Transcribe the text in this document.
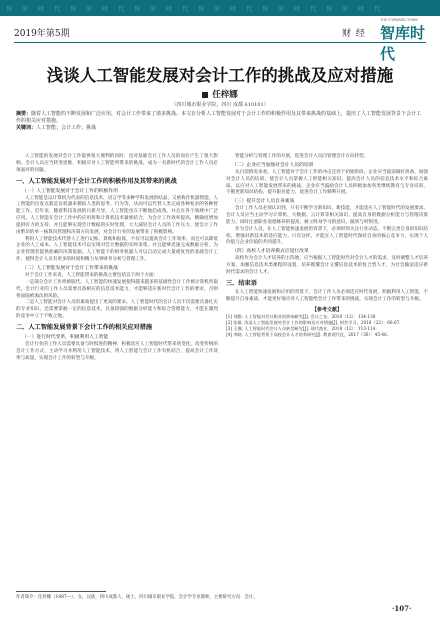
智库时代智库时代智库时代智库时代智库时代智库时代
2019年第5期	财 经
THE FORWARD THINK
智库时代
浅谈人工智能发展对会计工作的挑战及应对措施
任梓娜
（四川城市职业学院，四川 成都 610101）
摘要：随着人工智能的不断发展和广泛应用，对会计工作带来了诸多挑战。本文在分析人工智能发展对于会计工作的积极作用及其带来挑战的基础上，提出了人工智能发展背景下会计工作的相关应对措施。
关键词：人工智能；会计工作；挑战

人工智能的发展对会计工作提供很大便利的同时，也对基础会计工作人员的岗位产生了很大影响。会计人员应当转变思维，积极应对人工智能所带来的挑战，成为一名新时代的会计工作人员必须面对的问题。

一、人工智能发展对于会计工作的积极作用及其带来的挑战
（一）人工智能发展对于会计工作的积极作用

人工智能是以计算机为代表的信息技术，语言学等多种学科发展的结晶，又被称作机器智能。人工智能的出发点就是以机器来模拟人类的思考、行为等，从而可以代替人类完成各种复杂的各种智能工作。近年来，随着科技发展的日新月异，人工智能也在不断地趋成熟，并且在各个领域中广泛应用。人工智能在会计工作中的应用将和计算机技术紧密结合，为会计工作效率提高、精确度增加提供有力的支持，并且能够实现会计数据的实时处理，大大减轻会计人员的工作压力，使会计工作由繁杂的单一核算向管理和决策方向发展，对会计行业的发展带来了积极影响。

利用人工智能技术代替人工进行记账、算账和报账，不仅可以提高会计工作效率，而且可以降低企业的人工成本。人工智能技术可以实现对会计数据的实时采集，并且能够迅速完成数据分析，为企业管理者提供准确的决策依据。人工智能下的财务机器人可以自动完成大量重复性的基础会计工作，使得会计人员有更多的时间和精力从事财务分析与管理工作。

（二）人工智能发展对于会计工作带来的挑战

对于会计工作来说，人工智能带来的挑战主要包括以下两个方面：

一是部分会计工作将被取代。人工智能的快速发展使得越来越多的基础性会计工作被计算机所取代。会计行业的工作人员需要具备相应的信息技术能力，才能够适应新时代会计工作的要求，否则将面临被淘汰的风险。

二是人工智能对会计人员的素质提出了更高的要求。人工智能时代的会计人员不仅需要具备扎实的专业知识，还需要掌握一定的信息技术，具备较强的数据分析能力和综合管理能力，才能在激烈的竞争中立于不败之地。

二、人工智能发展背景下会计工作的相关应对措施
（一）进行时代变革，积极利用人工智能

会计行业的工作人员需要具备与时俱进的精神，积极适应人工智能时代带来的变化，改变传统的会计工作方式，主动学习并利用人工智能技术，将人工智能与会计工作有机结合，提高会计工作效率与质量，实现会计工作的转型与升级。

智能分析与管理工作的开展，促进会计人员向管理会计方向转型。

（二）企业应当加强对会计人员的培训

从目前情况来看，人工智能对于会计工作的冲击还处于初始阶段，企业应当提前做好准备，加强对会计人员的培训，使会计人员掌握人工智能相关知识，提高会计人员的信息技术水平和综合素质，以应对人工智能发展带来的挑战。企业应当鼓励会计人员积极参加各类继续教育与专业培训，不断更新知识结构，提升职业能力，促进会计工作顺利开展。

（三）提升会计人员自身素质

会计工作人员必须认识到，只有不断学习新知识、新技能，才能适应人工智能时代的发展要求。会计人员应当主动学习计算机、大数据、云计算等相关知识，提高自身的数据分析能力与管理决策能力，同时注重职业道德修养的提高，树立终身学习的意识，做到与时俱进。

作为会计人员，在人工智能快速发展的背景下，必须时刻关注行业动态，不断完善自身的知识结构，增强对新技术的适应能力。只有这样，才能在人工智能时代保持自身的核心竞争力，实现个人价值与企业价值的共同提升。

（四）高校人才培养模式应进行改革

高校作为会计人才培养的主阵地，应当根据人工智能时代对会计人才的需求，及时调整人才培养方案，加强信息技术类课程的设置，培养既懂会计又懂信息技术的复合型人才，为社会输送适应新时代需求的会计人才。

三、结束语

在人工智能快速发展和应用的背景下，会计工作人员必须适应时代发展，积极利用人工智能，不断提升自身素质，才能更好地应对人工智能给会计工作带来的挑战，实现会计工作的转型与升级。

【参考文献】

[1] 刘勤. 人工智能对会计职业的影响研究[J]. 会计之友，2018（12）：134-138.

[2] 张敏. 浅谈人工智能发展对会计工作的影响及应对措施[J]. 财会学习，2018（22）：66-67.

[3] 王娜. 人工智能时代会计人员转型研究[J]. 现代商业，2018（12）：113-114.

[4] 李晓. 人工智能背景下高校会计人才培养研究[J]. 教育现代化，2017（36）：45-46.

作者简介：任梓娜（1987—），女，汉族，四川成都人，硕士，四川城市职业学院，会计学专业教师，主要研究方向：会计。
·107·
